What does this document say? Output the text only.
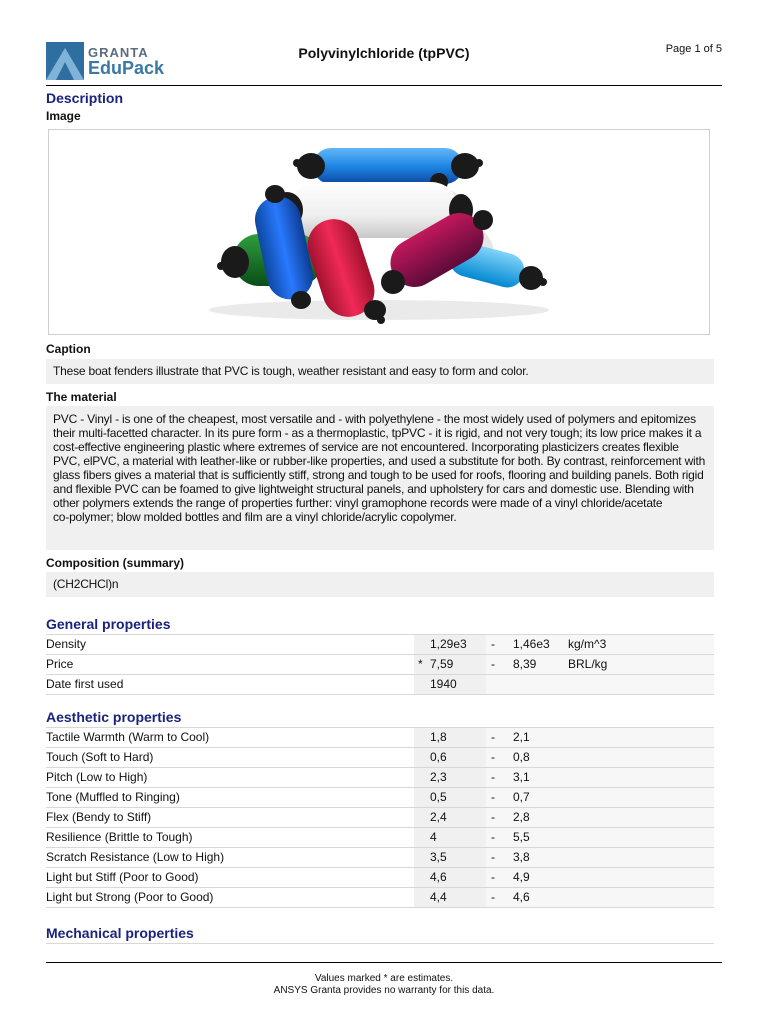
GRANTA
EduPack
Polyvinylchloride (tpPVC)	Page 1 of 5
Description
Image
Caption
These boat fenders illustrate that PVC is tough, weather resistant and easy to form and color.
The material
PVC - Vinyl - is one of the cheapest, most versatile and - with polyethylene - the most widely used of polymers and epitomizes
their multi-facetted character. In its pure form - as a thermoplastic, tpPVC - it is rigid, and not very tough; its low price makes it a
cost-effective engineering plastic where extremes of service are not encountered. Incorporating plasticizers creates flexible
PVC, elPVC, a material with leather-like or rubber-like properties, and used a substitute for both. By contrast, reinforcement with
glass fibers gives a material that is sufficiently stiff, strong and tough to be used for roofs, flooring and building panels. Both rigid
and flexible PVC can be foamed to give lightweight structural panels, and upholstery for cars and domestic use. Blending with
other polymers extends the range of properties further: vinyl gramophone records were made of a vinyl chloride/acetate
co-polymer; blow molded bottles and film are a vinyl chloride/acrylic copolymer.
Composition (summary)
(CH2CHCl)n
General properties
Density	1,29e3 - 1,46e3 kg/m^3
Price	* 7,59	- 8,39	BRL/kg
Date first used	1940
Aesthetic properties
Tactile Warmth (Warm to Cool)	1,8	- 2,1
Touch (Soft to Hard)	0,6	- 0,8
Pitch (Low to High)	2,3	- 3,1
Tone (Muffled to Ringing)	0,5	- 0,7
Flex (Bendy to Stiff)	2,4	- 2,8
Resilience (Brittle to Tough)	4	- 5,5
Scratch Resistance (Low to High)	3,5	- 3,8
Light but Stiff (Poor to Good)	4,6	- 4,9
Light but Strong (Poor to Good)	4,4	- 4,6
Mechanical properties
Values marked * are estimates.
ANSYS Granta provides no warranty for this data.
